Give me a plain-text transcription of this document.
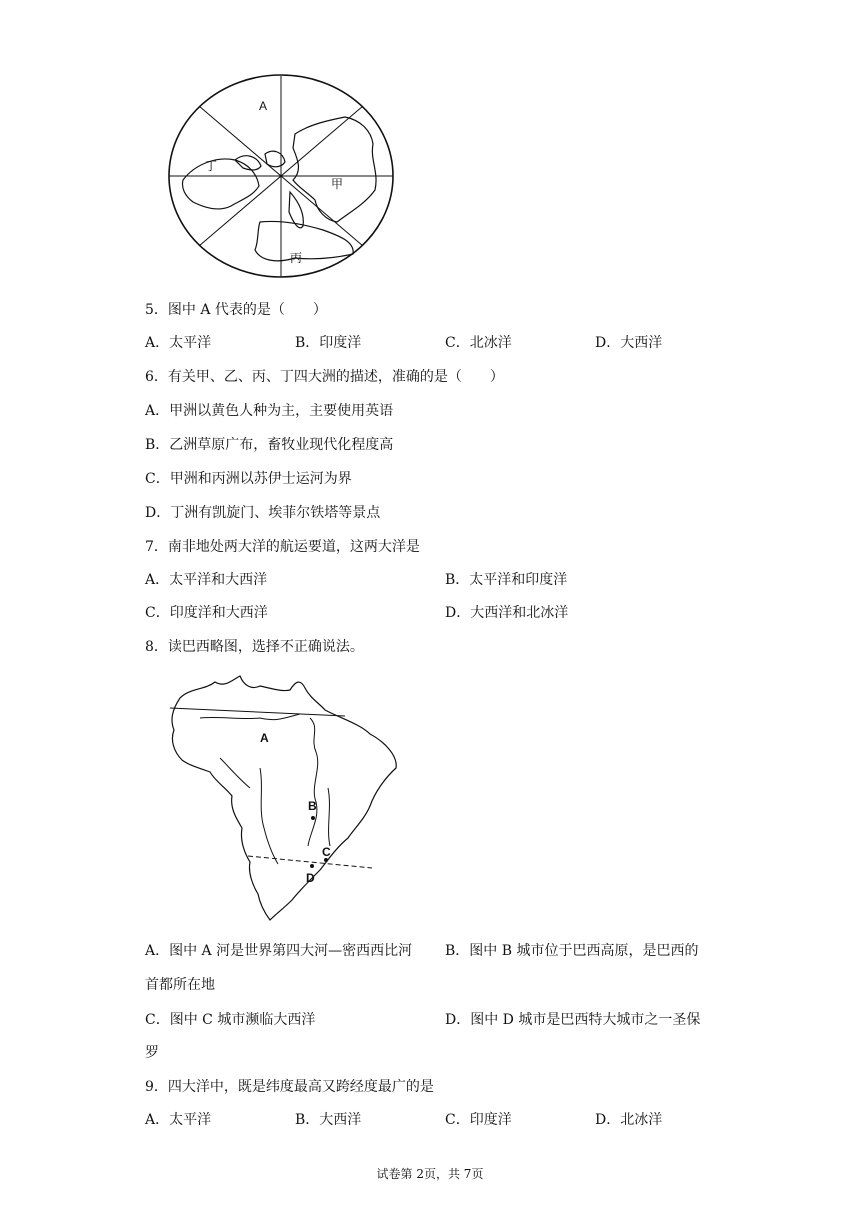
A
丁
甲
丙
5．图中 A 代表的是（　　）
A．太平洋	B．印度洋	C．北冰洋	D．大西洋
6．有关甲、乙、丙、丁四大洲的描述，准确的是（　　）
A．甲洲以黄色人种为主，主要使用英语
B．乙洲草原广布，畜牧业现代化程度高
C．甲洲和丙洲以苏伊士运河为界
D．丁洲有凯旋门、埃菲尔铁塔等景点
7．南非地处两大洋的航运要道，这两大洋是
A．太平洋和大西洋	B．太平洋和印度洋
C．印度洋和大西洋	D．大西洋和北冰洋
8．读巴西略图，选择不正确说法。
A
B
C
D
A．图中 A 河是世界第四大河—密西西比河 B．图中 B 城市位于巴西高原，是巴西的
首都所在地
C．图中 C 城市濒临大西洋	D．图中 D 城市是巴西特大城市之一圣保
罗
9．四大洋中，既是纬度最高又跨经度最广的是
A．太平洋	B．大西洋	C．印度洋	D．北冰洋
试卷第 2页，共 7页
